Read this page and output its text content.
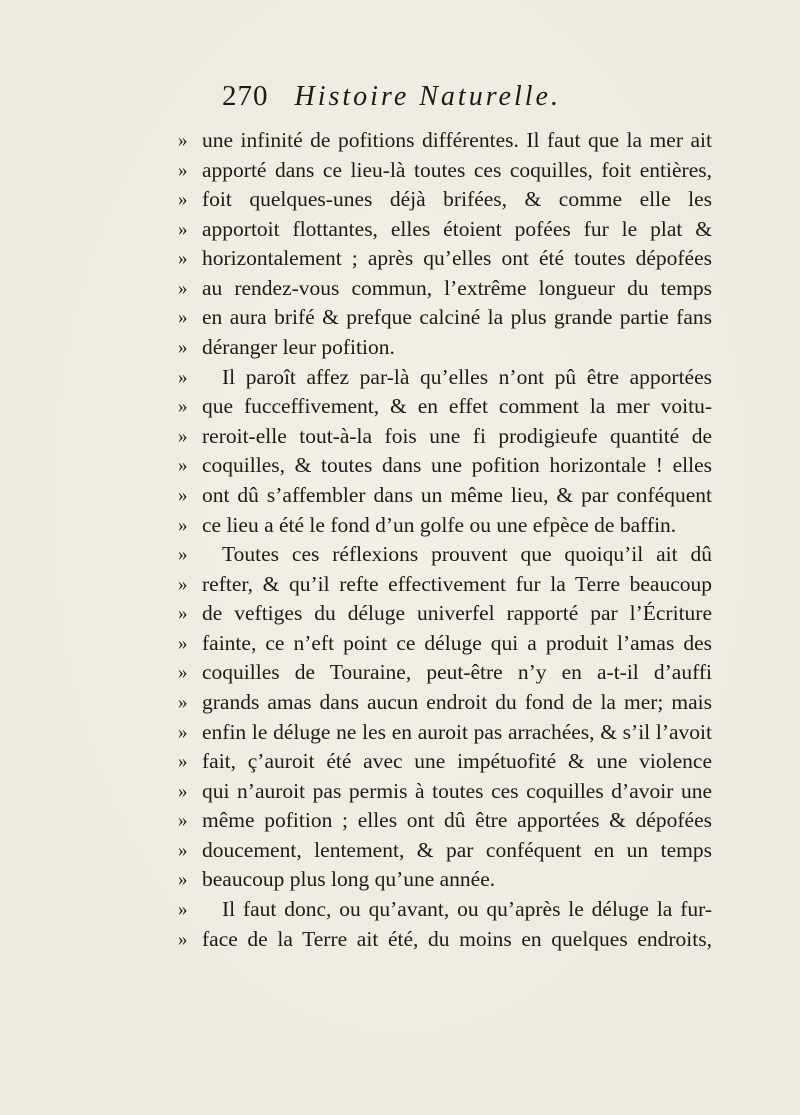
270 Histoire Naturelle.
» une infinité de pofitions différentes. Il faut que la mer ait
» apporté dans ce lieu-là toutes ces coquilles, foit entières,
» foit quelques-unes déjà brifées, & comme elle les
» apportoit flottantes, elles étoient pofées fur le plat &
» horizontalement ; après qu’elles ont été toutes dépofées
» au rendez-vous commun, l’extrême longueur du temps
» en aura brifé & prefque calciné la plus grande partie fans
» déranger leur pofition.
»	Il paroît affez par-là qu’elles n’ont pû être apportées
» que fucceffivement, & en effet comment la mer voitu-
» reroit-elle tout-à-la fois une fi prodigieufe quantité de
» coquilles, & toutes dans une pofition horizontale ! elles
» ont dû s’affembler dans un même lieu, & par conféquent
» ce lieu a été le fond d’un golfe ou une efpèce de baffin.
»	Toutes ces réflexions prouvent que quoiqu’il ait dû
» refter, & qu’il refte effectivement fur la Terre beaucoup
» de veftiges du déluge univerfel rapporté par l’Écriture
» fainte, ce n’eft point ce déluge qui a produit l’amas des
» coquilles de Touraine, peut-être n’y en a-t-il d’auffi
» grands amas dans aucun endroit du fond de la mer; mais
» enfin le déluge ne les en auroit pas arrachées, & s’il l’avoit
» fait, ç’auroit été avec une impétuofité & une violence
» qui n’auroit pas permis à toutes ces coquilles d’avoir une
» même pofition ; elles ont dû être apportées & dépofées
» doucement, lentement, & par conféquent en un temps
» beaucoup plus long qu’une année.
»	Il faut donc, ou qu’avant, ou qu’après le déluge la fur-
» face de la Terre ait été, du moins en quelques endroits,
